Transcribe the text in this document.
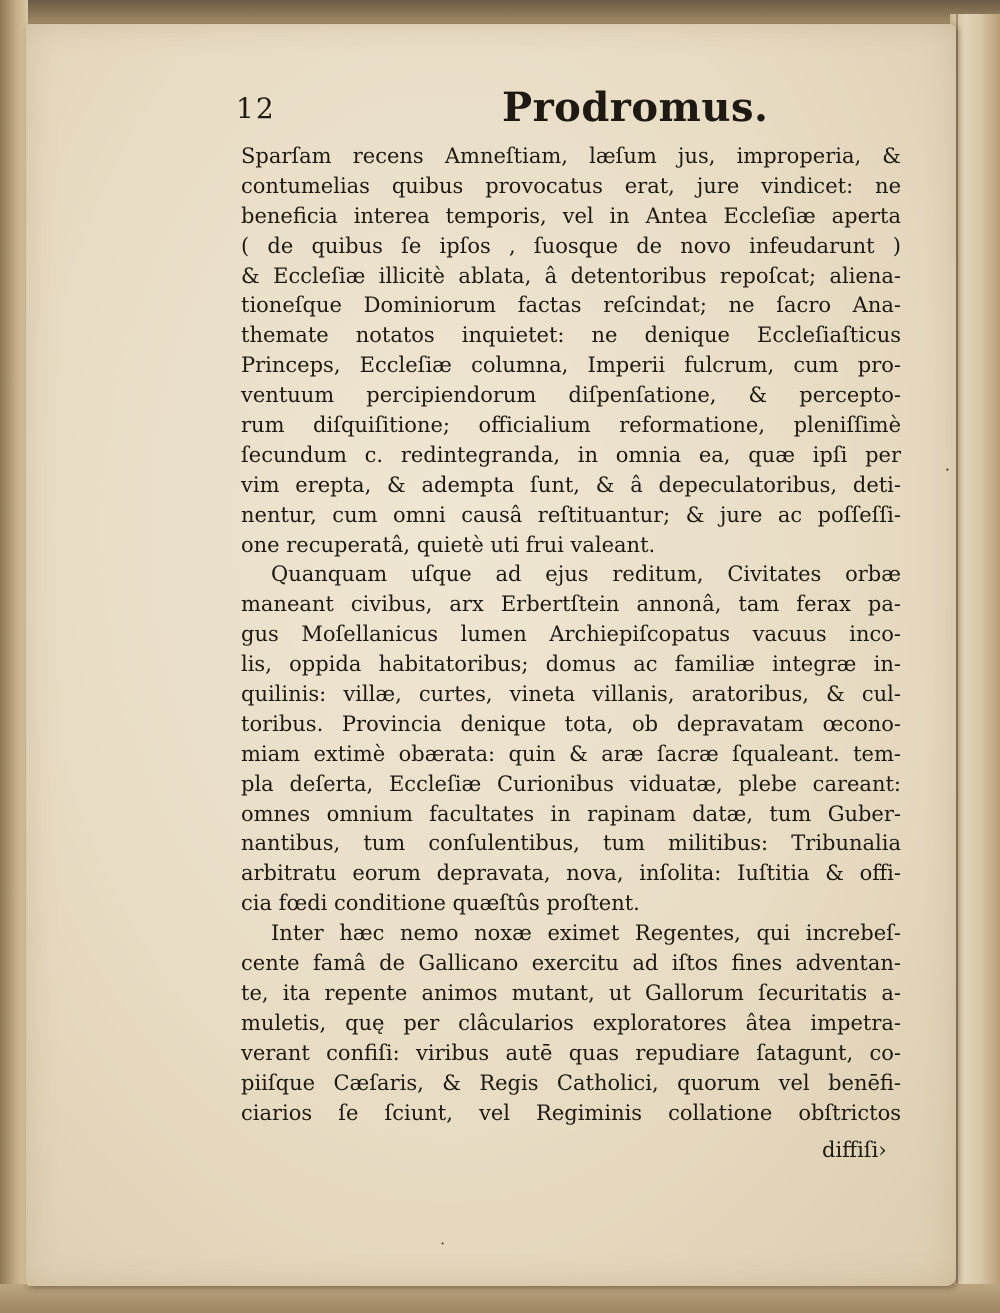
12	Prodromus.
Sparſam recens Amneſtiam, læſum jus, improperia, &
contumelias quibus provocatus erat, jure vindicet: ne
beneficia interea temporis, vel in Antea Eccleſiæ aperta
( de quibus ſe ipſos , ſuosque de novo infeudarunt )
& Eccleſiæ illicitè ablata, â detentoribus repoſcat; aliena-
tioneſque Dominiorum factas reſcindat; ne ſacro Ana-
themate notatos inquietet: ne denique Eccleſiaſticus
Princeps, Eccleſiæ columna, Imperii fulcrum, cum pro-
ventuum percipiendorum diſpenſatione, & percepto-
rum diſquiſitione; officialium reformatione, pleniſſimè
ſecundum c. redintegranda, in omnia ea, quæ ipſi per
vim erepta, & adempta ſunt, & â depeculatoribus, deti-
nentur, cum omni causâ reſtituantur; & jure ac poſſeſſi-
one recuperatâ, quietè uti frui valeant.
Quanquam uſque ad ejus reditum, Civitates orbæ
maneant civibus, arx Erbertſtein annonâ, tam ferax pa-
gus Moſellanicus lumen Archiepiſcopatus vacuus inco-
lis, oppida habitatoribus; domus ac familiæ integræ in-
quilinis: villæ, curtes, vineta villanis, aratoribus, & cul-
toribus. Provincia denique tota, ob depravatam œcono-
miam extimè obærata: quin & aræ ſacræ ſqualeant. tem-
pla deſerta, Eccleſiæ Curionibus viduatæ, plebe careant:
omnes omnium facultates in rapinam datæ, tum Guber-
nantibus, tum conſulentibus, tum militibus: Tribunalia
arbitratu eorum depravata, nova, inſolita: Iuſtitia & offi-
cia fœdi conditione quæſtûs proſtent.
Inter hæc nemo noxæ eximet Regentes, qui increbeſ-
cente famâ de Gallicano exercitu ad iſtos fines adventan-
te, ita repente animos mutant, ut Gallorum ſecuritatis a-
muletis, quę per clâcularios exploratores âtea impetra-
verant confiſi: viribus autē quas repudiare ſatagunt, co-
piiſque Cæſaris, & Regis Catholici, quorum vel benēfi-
ciarios ſe ſciunt, vel Regiminis collatione obſtrictos
diffiſi›
⸳
·
